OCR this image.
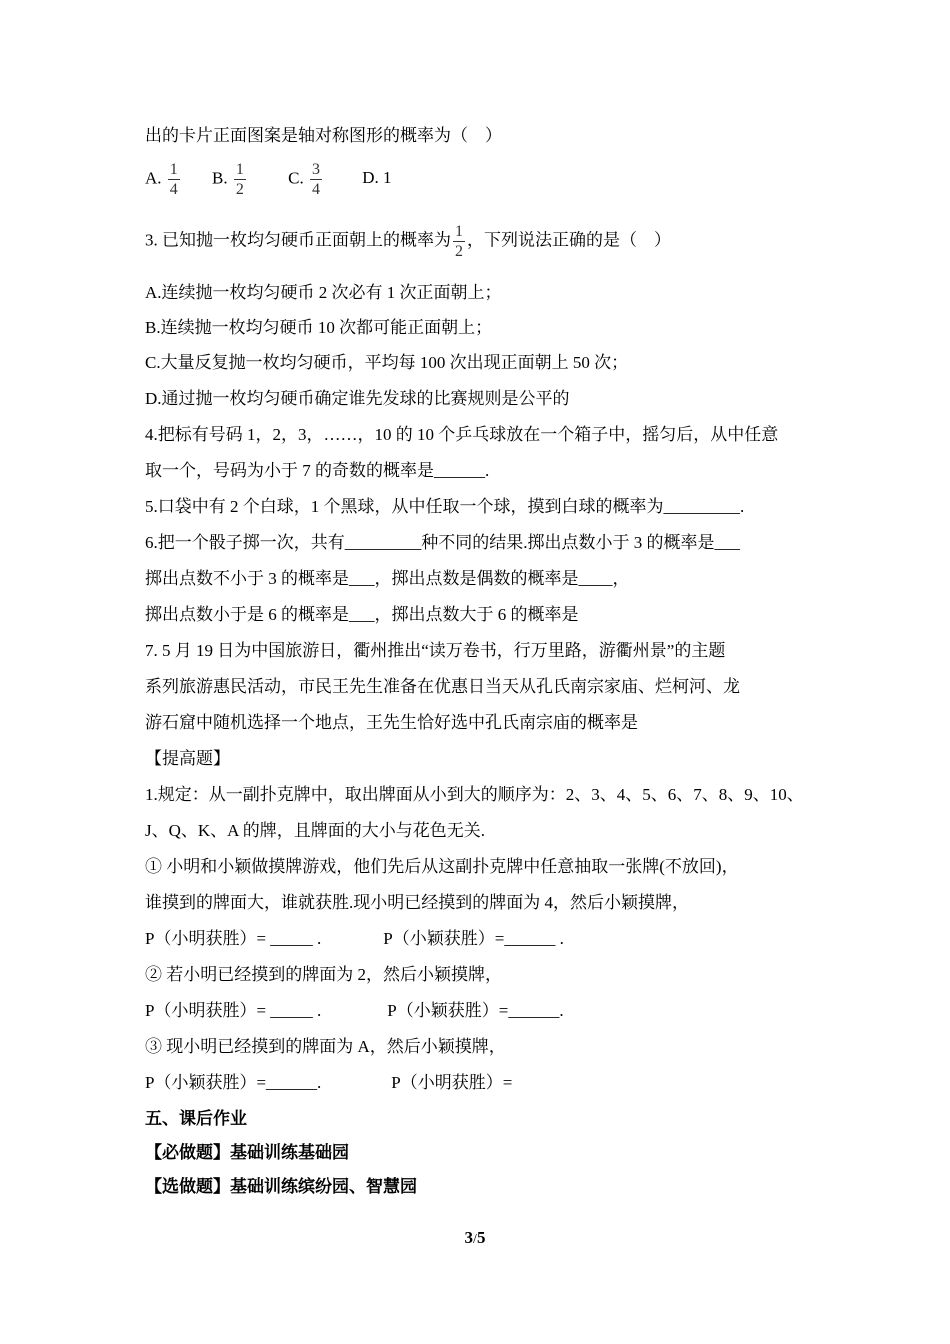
出的卡片正面图案是轴对称图形的概率为（　）
A. $\frac{1}{4} B$. $\frac{1}{2} C$. $\frac{3}{4} D$. 1
3. 已知抛一枚均匀硬币正面朝上的概率为 $\frac{1}{2}$ ，下列说法正确的是（　）
A.连续抛一枚均匀硬币 2 次必有 1 次正面朝上；
B.连续抛一枚均匀硬币 10 次都可能正面朝上；
C.大量反复抛一枚均匀硬币，平均每 100 次出现正面朝上 50 次；
D.通过抛一枚均匀硬币确定谁先发球的比赛规则是公平的
4.把标有号码 1，2，3，……，10 的 10 个乒乓球放在一个箱子中，摇匀后，从中任意
取一个，号码为小于 7 的奇数的概率是______.
5.口袋中有 2 个白球，1 个黑球，从中任取一个球，摸到白球的概率为_________.
6.把一个骰子掷一次，共有_________种不同的结果.掷出点数小于 3 的概率是___
掷出点数不小于 3 的概率是___，掷出点数是偶数的概率是____，
掷出点数小于是 6 的概率是___，掷出点数大于 6 的概率是
7. 5 月 19 日为中国旅游日，衢州推出“读万卷书，行万里路，游衢州景”的主题
系列旅游惠民活动，市民王先生准备在优惠日当天从孔氏南宗家庙、烂柯河、龙
游石窟中随机选择一个地点，王先生恰好选中孔氏南宗庙的概率是
【提高题】
1.规定：从一副扑克牌中，取出牌面从小到大的顺序为：2、3、4、5、6、7、8、9、10、
J、Q、K、A 的牌，且牌面的大小与花色无关.
① 小明和小颖做摸牌游戏，他们先后从这副扑克牌中任意抽取一张牌(不放回)，
谁摸到的牌面大，谁就获胜.现小明已经摸到的牌面为 4，然后小颖摸牌，
P（小明获胜）= _____ .	P（小颖获胜）=______ .
② 若小明已经摸到的牌面为 2，然后小颖摸牌，
P（小明获胜）= _____ .	P（小颖获胜）=______.
③ 现小明已经摸到的牌面为 A，然后小颖摸牌，
P（小颖获胜）=______.	P（小明获胜）=
五、课后作业
【必做题】基础训练基础园
【选做题】基础训练缤纷园、智慧园
3/5
